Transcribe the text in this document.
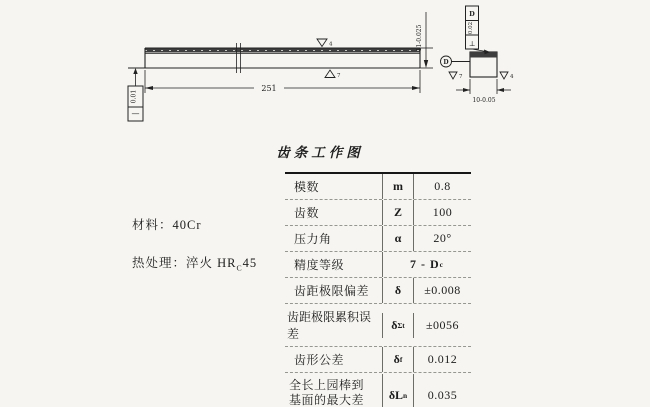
4
7
251
11-0.025
0.01
—
D
D
0.02
⊥
7	4
10-0.05
齿条工作图
材料：40Cr
热处理：淬火 $HR_C45$
模数	m	0.8
齿数	Z	100
压力角	α	20°
精度等级	7 - D c
齿距极限偏差	δ	±0.008
齿距极限累积误差
δ Σt	±0056
齿形公差	δ f	0.012
全长上园棒到
基面的最大差	δL n	0.035
